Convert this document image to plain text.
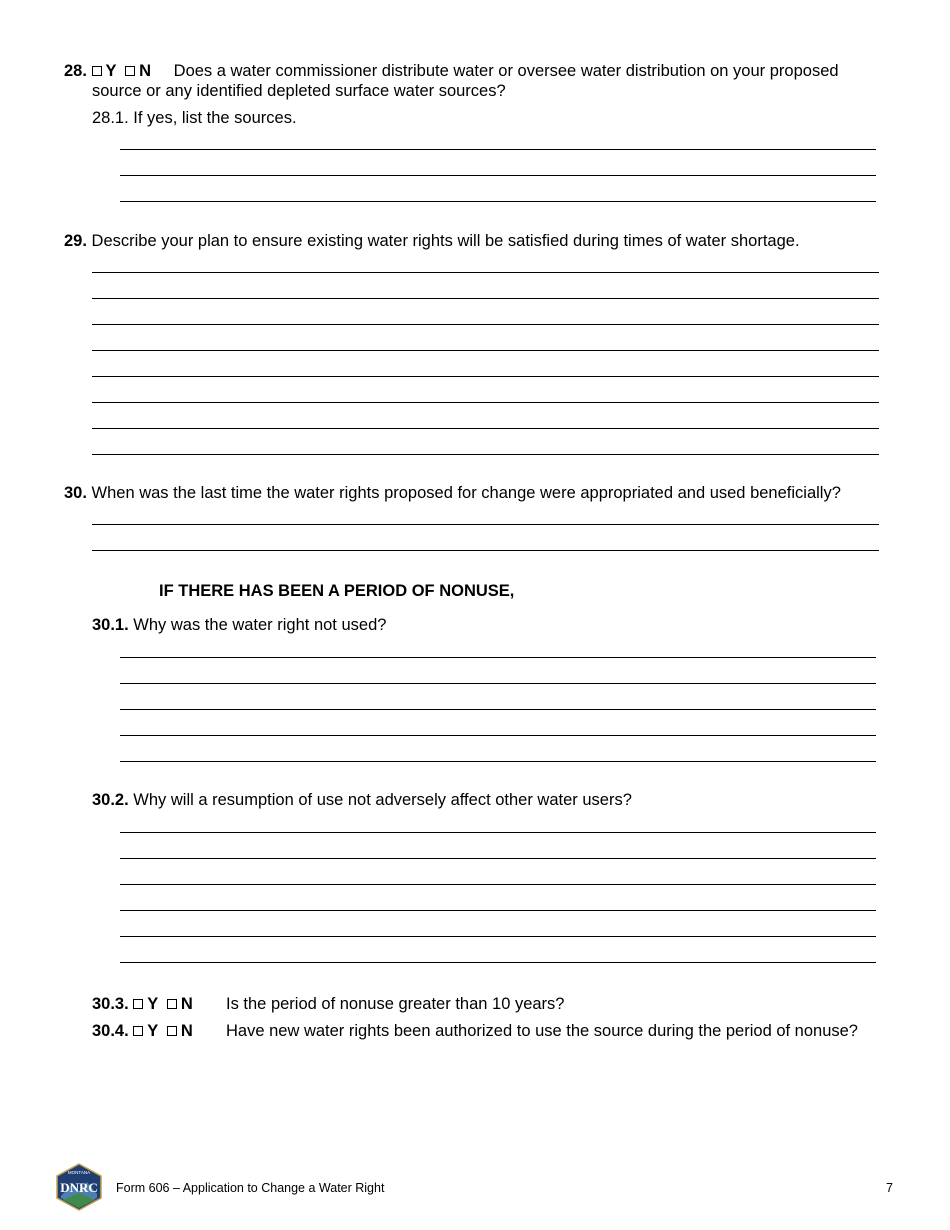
28. Y N Does a water commissioner distribute water or oversee water distribution on your proposed
source or any identified depleted surface water sources?
28.1. If yes, list the sources.
29. Describe your plan to ensure existing water rights will be satisfied during times of water shortage.
30. When was the last time the water rights proposed for change were appropriated and used beneficially?
IF THERE HAS BEEN A PERIOD OF NONUSE,
30.1. Why was the water right not used?
30.2. Why will a resumption of use not adversely affect other water users?
30.3. Y N Is the period of nonuse greater than 10 years?
30.4. Y N Have new water rights been authorized to use the source during the period of nonuse?
MONTANA
DNRC Form 606 – Application to Change a Water Right	7
